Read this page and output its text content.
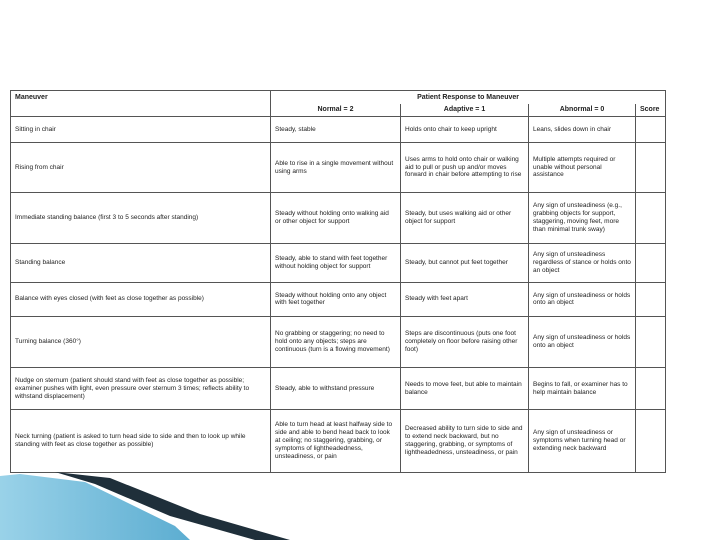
Maneuver	Patient Response to Maneuver			
	Normal = 2	Adaptive = 1	Abnormal = 0	Score
Sitting in chair	Steady, stable	Holds onto chair to keep upright	Leans, slides down in chair	
Rising from chair	Able to rise in a single movement without using arms	Uses arms to hold onto chair or walking aid to pull or push up and/or moves forward in chair before attempting to rise	Multiple attempts required or unable without personal assistance	
Immediate standing balance (first 3 to 5 seconds after standing)	Steady without holding onto walking aid or other object for support	Steady, but uses walking aid or other object for support	Any sign of unsteadiness (e.g., grabbing objects for support, staggering, moving feet, more than minimal trunk sway)	
Standing balance	Steady, able to stand with feet together without holding object for support	Steady, but cannot put feet together	Any sign of unsteadiness regardless of stance or holds onto an object	
Balance with eyes closed (with feet as close together as possible)	Steady without holding onto any object with feet together	Steady with feet apart	Any sign of unsteadiness or holds onto an object	
Turning balance (360°)	No grabbing or staggering; no need to hold onto any objects; steps are continuous (turn is a flowing movement)	Steps are discontinuous (puts one foot completely on floor before raising other foot)	Any sign of unsteadiness or holds onto an object	
Nudge on sternum (patient should stand with feet as close together as possible; examiner pushes with light, even pressure over sternum 3 times; reflects ability to withstand displacement)	Steady, able to withstand pressure	Needs to move feet, but able to maintain balance	Begins to fall, or examiner has to help maintain balance	
Neck turning (patient is asked to turn head side to side and then to look up while standing with feet as close together as possible)	Able to turn head at least halfway side to side and able to bend head back to look at ceiling; no staggering, grabbing, or symptoms of lightheadedness, unsteadiness, or pain	Decreased ability to turn side to side and to extend neck backward, but no staggering, grabbing, or symptoms of lightheadedness, unsteadiness, or pain	Any sign of unsteadiness or symptoms when turning head or extending neck backward	
